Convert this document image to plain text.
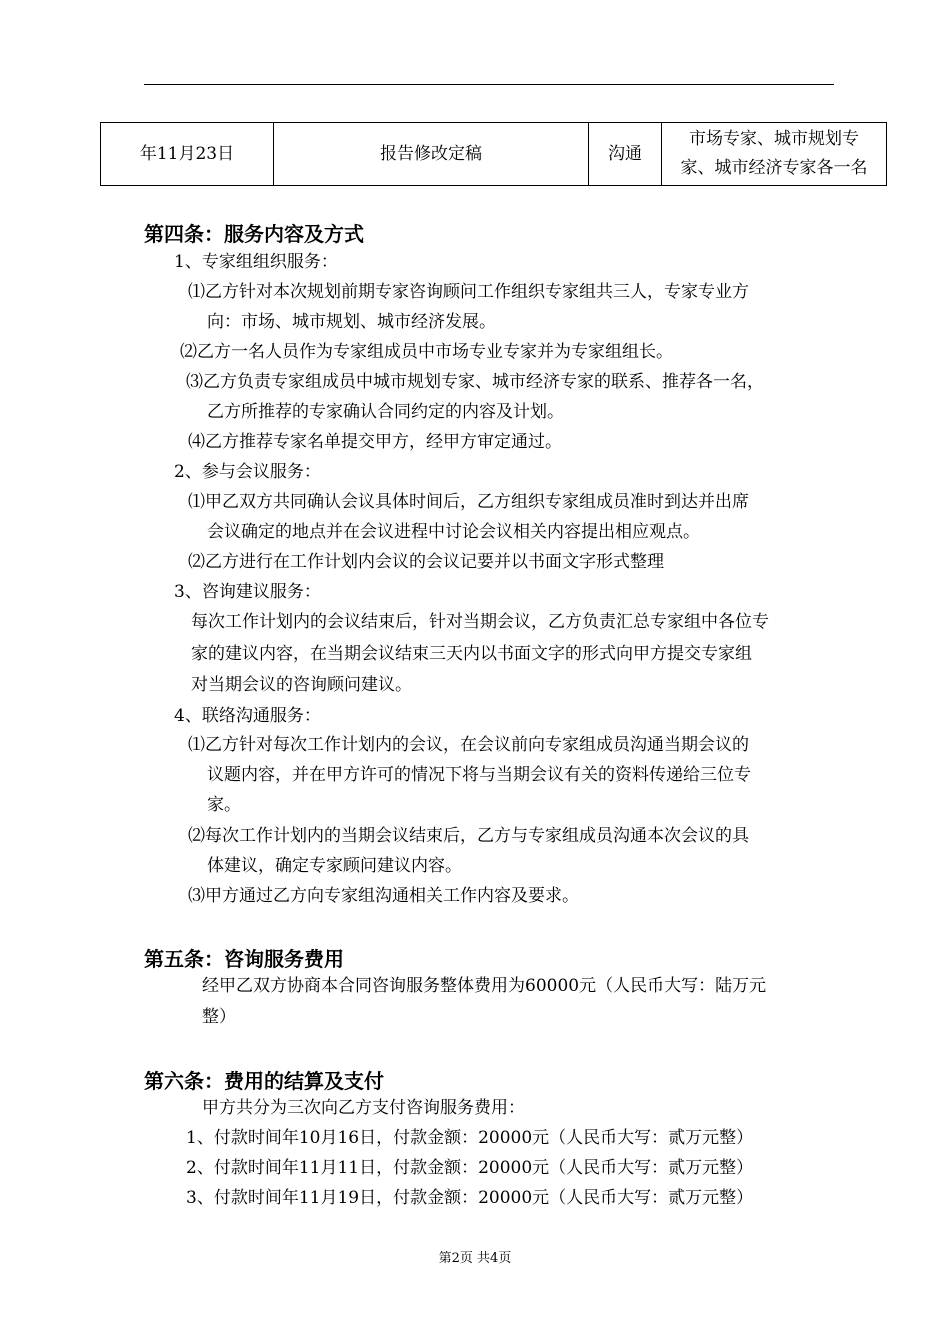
年11月23日	报告修改定稿	沟通	市场专家、城市规划专
家、城市经济专家各一名
第四条：服务内容及方式

1、专家组组织服务：

⑴乙方针对本次规划前期专家咨询顾问工作组织专家组共三人，专家专业方

向：市场、城市规划、城市经济发展。

⑵乙方一名人员作为专家组成员中市场专业专家并为专家组组长。

⑶乙方负责专家组成员中城市规划专家、城市经济专家的联系、推荐各一名，

乙方所推荐的专家确认合同约定的内容及计划。

⑷乙方推荐专家名单提交甲方，经甲方审定通过。

2、参与会议服务：

⑴甲乙双方共同确认会议具体时间后，乙方组织专家组成员准时到达并出席

会议确定的地点并在会议进程中讨论会议相关内容提出相应观点。

⑵乙方进行在工作计划内会议的会议记要并以书面文字形式整理

3、咨询建议服务：

每次工作计划内的会议结束后，针对当期会议，乙方负责汇总专家组中各位专

家的建议内容，在当期会议结束三天内以书面文字的形式向甲方提交专家组

对当期会议的咨询顾问建议。

4、联络沟通服务：

⑴乙方针对每次工作计划内的会议，在会议前向专家组成员沟通当期会议的

议题内容，并在甲方许可的情况下将与当期会议有关的资料传递给三位专

家。

⑵每次工作计划内的当期会议结束后，乙方与专家组成员沟通本次会议的具

体建议，确定专家顾问建议内容。

⑶甲方通过乙方向专家组沟通相关工作内容及要求。

第五条：咨询服务费用

经甲乙双方协商本合同咨询服务整体费用为60000元（人民币大写：陆万元

整）

第六条：费用的结算及支付

甲方共分为三次向乙方支付咨询服务费用：

1、付款时间年10月16日，付款金额：20000元（人民币大写：贰万元整）

2、付款时间年11月11日，付款金额：20000元（人民币大写：贰万元整）

3、付款时间年11月19日，付款金额：20000元（人民币大写：贰万元整）

第2页 共4页
